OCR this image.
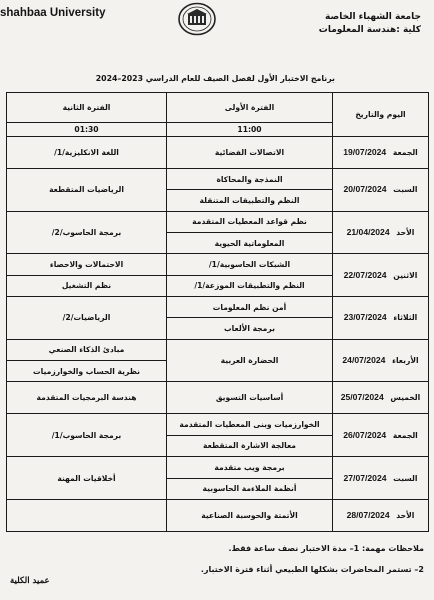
shahbaa University	جامعة الشهباء الخاصة
كلية :هندسة المعلومات
برنامج الاختبار الأول لفصل الصيف للعام الدراسي 2023–2024
اليوم والتاريخ	الفترة الأولى	الفترة الثانية
	11:00	01:30
الجمعة 19/07/2024	الاتصالات الفضائية	اللغة الانكليزية/1/
السبت 20/07/2024	النمذجة والمحاكاة	الرياضيات المتقطعة
	النظم والتطبيقات المتنقلة	
الأحد 21/04/2024	نظم قواعد المعطيات المتقدمة	برمجة الحاسوب/2/
	المعلوماتية الحيوية	
الاثنين 22/07/2024	الشبكات الحاسوبية/1/	الاحتمالات والاحصاء
	النظم والتطبيقات الموزعة/1/	نظم التشغيل
الثلاثاء 23/07/2024	أمن نظم المعلومات	الرياضيات/2/
	برمجة الألعاب	
الأربعاء 24/07/2024	الحضارة العربية	مبادئ الذكاء الصنعي
		نظرية الحساب والخوارزميات
الخميس 25/07/2024	أساسيات التسويق	هندسة البرمجيات المتقدمة
الجمعة 26/07/2024	الخوارزميات وبنى المعطيات المتقدمة	برمجة الحاسوب/1/
	معالجة الاشارة المتقطعة	
السبت 27/07/2024	برمجة ويب متقدمة	أخلاقيات المهنة
	أنظمة الملاءمة الحاسوبية	
الأحد 28/07/2024	الأتمتة والحوسبة الصناعية	
ملاحظات مهمة: 1– مدة الاختبار نصف ساعة فقط.
2– تستمر المحاضرات بشكلها الطبيعي أثناء فترة الاختبار.
عميد الكلية
